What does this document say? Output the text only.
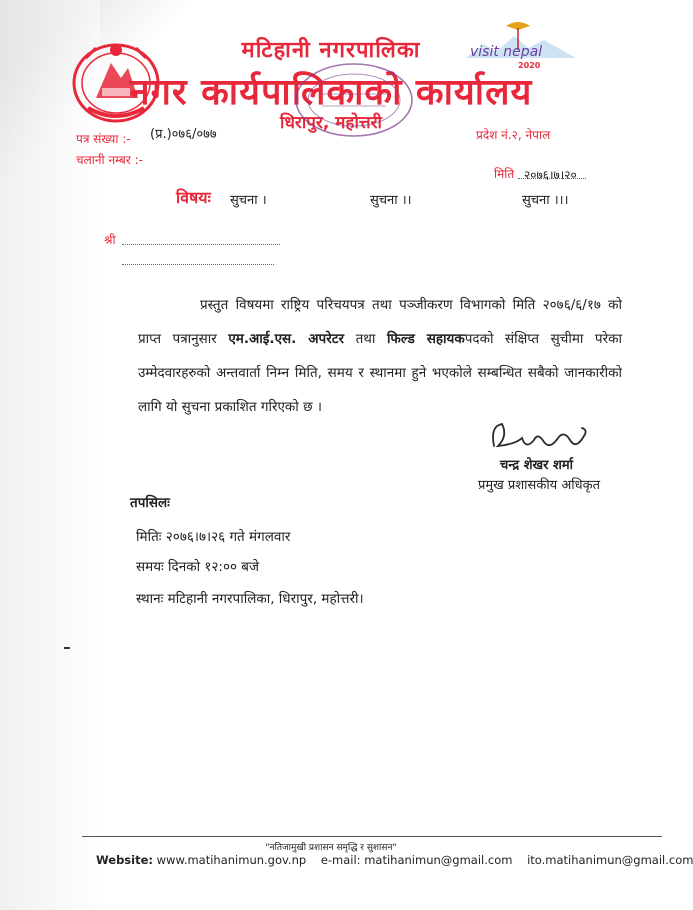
visit nepal
2020
मटिहानी नगरपालिका
नगर कार्यपालिकाको कार्यालय
धिरापुर, महोत्तरी
पत्र संख्या :- (प्र.)०७६/०७७
चलानी नम्बर :-
प्रदेश नं.२, नेपाल
मिति २०७६।७।२०
विषयः सुचना ।	सुचना ।।	सुचना ।।।
श्री

प्रस्तुत विषयमा राष्ट्रिय परिचयपत्र तथा पञ्जीकरण विभागको मिति २०७६/६/१७ को प्राप्त पत्रानुसार एम.आई.एस. अपरेटर तथा फिल्ड सहायकपदको संक्षिप्त सुचीमा परेका उम्मेदवारहरुको अन्तवार्ता निम्न मिति, समय र स्थानमा हुने भएकोले सम्बन्धित सबैको जानकारीको लागि यो सुचना प्रकाशित गरिएको छ ।

चन्द्र शेखर शर्मा
प्रमुख प्रशासकीय अधिकृत
तपसिलः
मितिः २०७६।७।२६ गते मंगलवार
समयः दिनको १२:०० बजे
स्थानः मटिहानी नगरपालिका, धिरापुर, महोत्तरी।
"नतिजामुखी प्रशासन समृद्धि र सुशासन"
Website: www.matihanimun.gov.np e-mail: matihanimun@gmail.com ito.matihanimun@gmail.com
